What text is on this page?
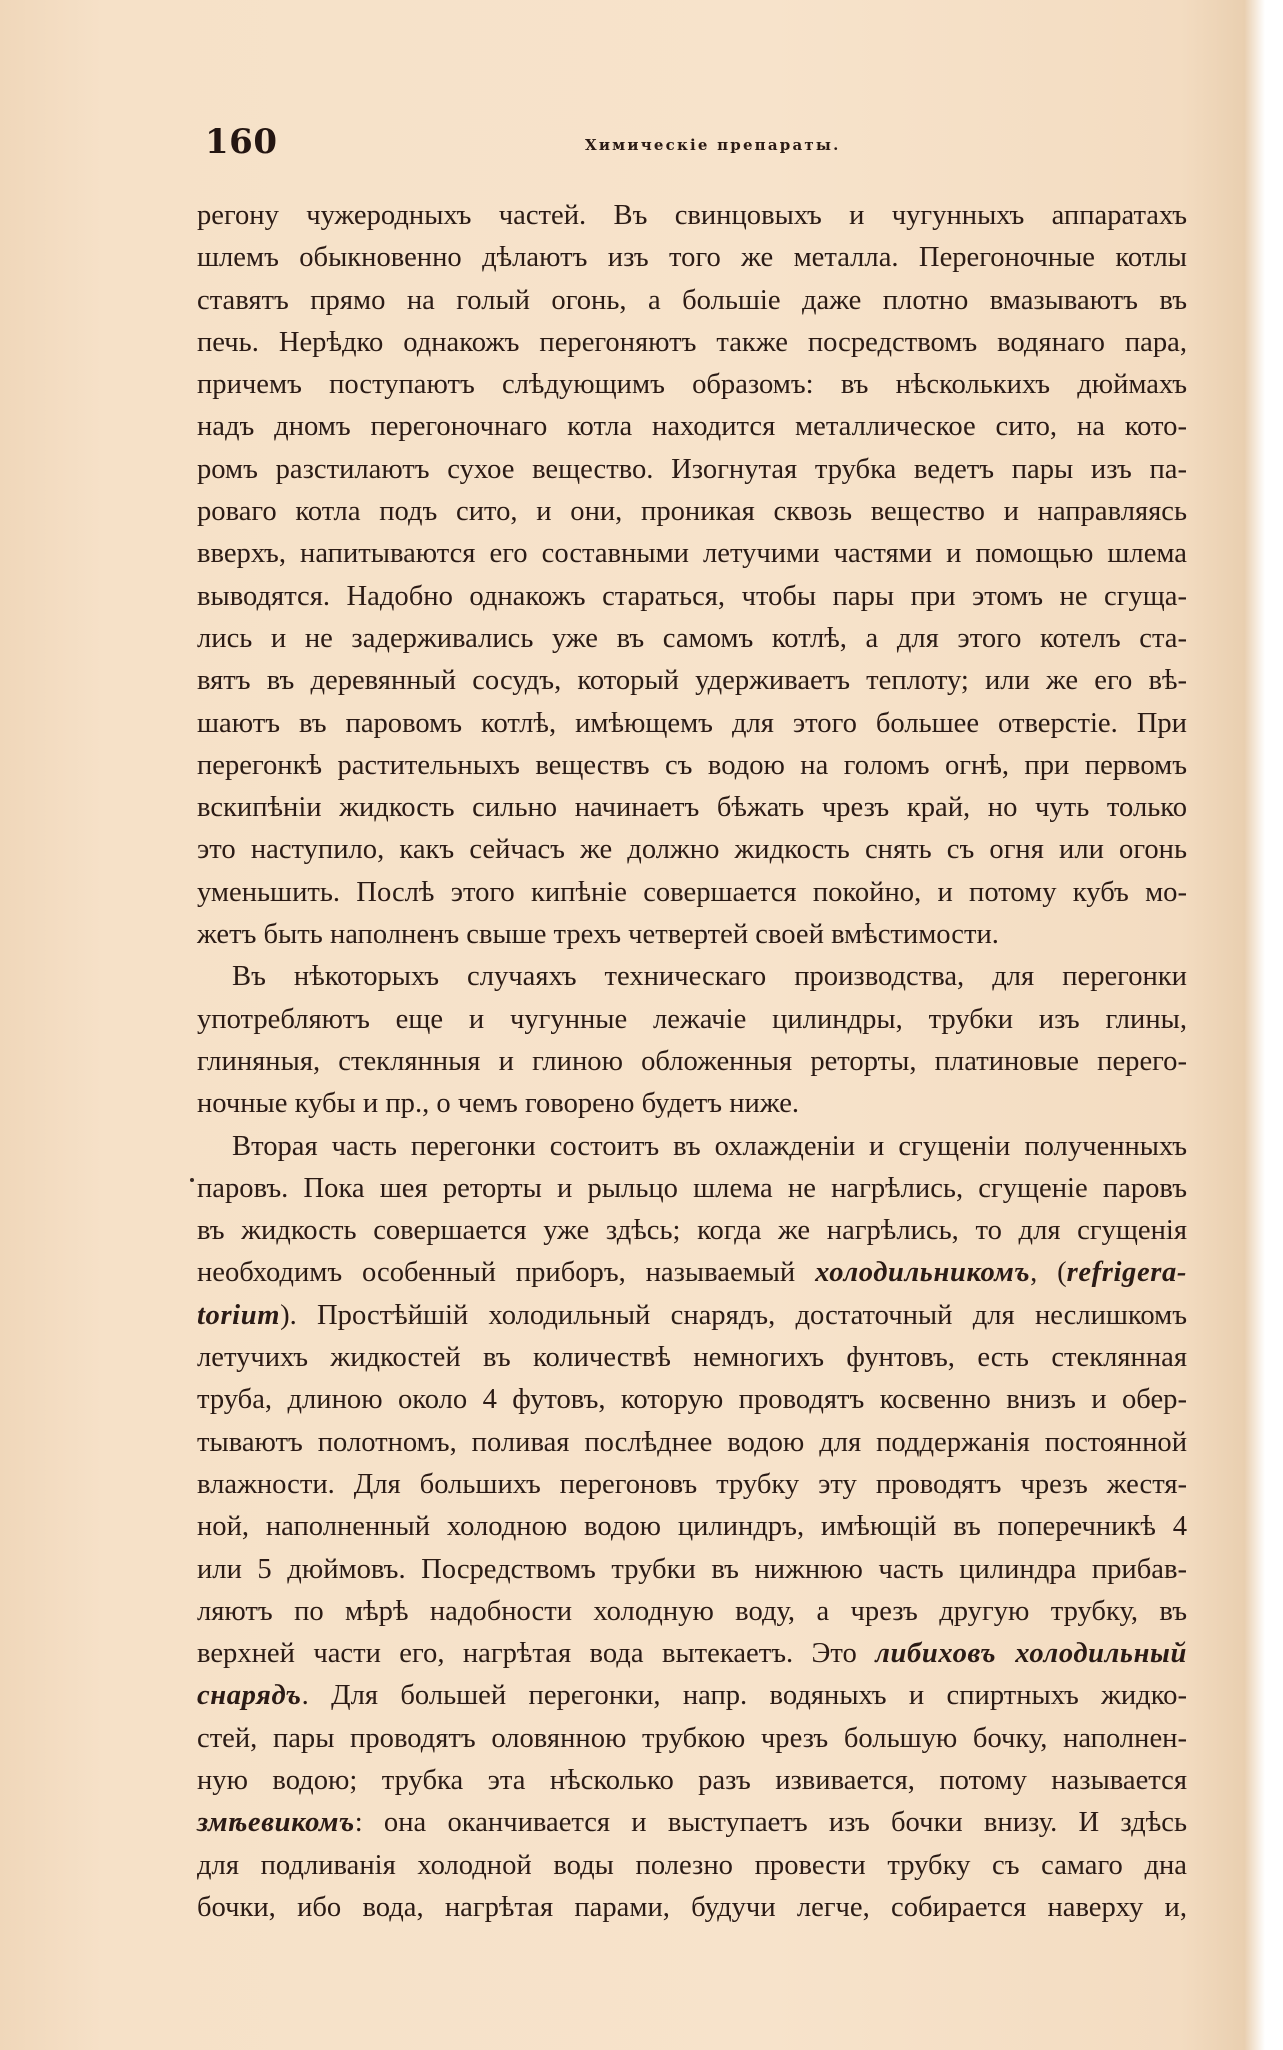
160	Химическіе препараты.
регону чужеродныхъ частей. Въ свинцовыхъ и чугунныхъ аппаратахъ
шлемъ обыкновенно дѣлаютъ изъ того же металла. Перегоночные котлы
ставятъ прямо на голый огонь, а большіе даже плотно вмазываютъ въ
печь. Нерѣдко однакожъ перегоняютъ также посредствомъ водянаго пара,
причемъ поступаютъ слѣдующимъ образомъ: въ нѣсколькихъ дюймахъ
надъ дномъ перегоночнаго котла находится металлическое сито, на кото-
ромъ разстилаютъ сухое вещество. Изогнутая трубка ведетъ пары изъ па-
роваго котла подъ сито, и они, проникая сквозь вещество и направляясь
вверхъ, напитываются его составными летучими частями и помощью шлема
выводятся. Надобно однакожъ стараться, чтобы пары при этомъ не сгуща-
лись и не задерживались уже въ самомъ котлѣ, а для этого котелъ ста-
вятъ въ деревянный сосудъ, который удерживаетъ теплоту; или же его вѣ-
шаютъ въ паровомъ котлѣ, имѣющемъ для этого большее отверстіе. При
перегонкѣ растительныхъ веществъ съ водою на голомъ огнѣ, при первомъ
вскипѣніи жидкость сильно начинаетъ бѣжать чрезъ край, но чуть только
это наступило, какъ сейчасъ же должно жидкость снять съ огня или огонь
уменьшить. Послѣ этого кипѣніе совершается покойно, и потому кубъ мо-
жетъ быть наполненъ свыше трехъ четвертей своей вмѣстимости.
Въ нѣкоторыхъ случаяхъ техническаго производства, для перегонки
употребляютъ еще и чугунные лежачіе цилиндры, трубки изъ глины,
глиняныя, стеклянныя и глиною обложенныя реторты, платиновые перего-
ночные кубы и пр., о чемъ говорено будетъ ниже.
Вторая часть перегонки состоитъ въ охлажденіи и сгущеніи полученныхъ
паровъ. Пока шея реторты и рыльцо шлема не нагрѣлись, сгущеніе паровъ
въ жидкость совершается уже здѣсь; когда же нагрѣлись, то для сгущенія
необходимъ особенный приборъ, называемый холодильникомъ, (refrigera-
torium). Простѣйшій холодильный снарядъ, достаточный для неслишкомъ
летучихъ жидкостей въ количествѣ немногихъ фунтовъ, есть стеклянная
труба, длиною около 4 футовъ, которую проводятъ косвенно внизъ и обер-
тываютъ полотномъ, поливая послѣднее водою для поддержанія постоянной
влажности. Для большихъ перегоновъ трубку эту проводятъ чрезъ жестя-
ной, наполненный холодною водою цилиндръ, имѣющій въ поперечникѣ 4
или 5 дюймовъ. Посредствомъ трубки въ нижнюю часть цилиндра прибав-
ляютъ по мѣрѣ надобности холодную воду, а чрезъ другую трубку, въ
верхней части его, нагрѣтая вода вытекаетъ. Это либиховъ холодильный
снарядъ. Для большей перегонки, напр. водяныхъ и спиртныхъ жидко-
стей, пары проводятъ оловянною трубкою чрезъ большую бочку, наполнен-
ную водою; трубка эта нѣсколько разъ извивается, потому называется
змѣевикомъ: она оканчивается и выступаетъ изъ бочки внизу. И здѣсь
для подливанія холодной воды полезно провести трубку съ самаго дна
бочки, ибо вода, нагрѣтая парами, будучи легче, собирается наверху и,
